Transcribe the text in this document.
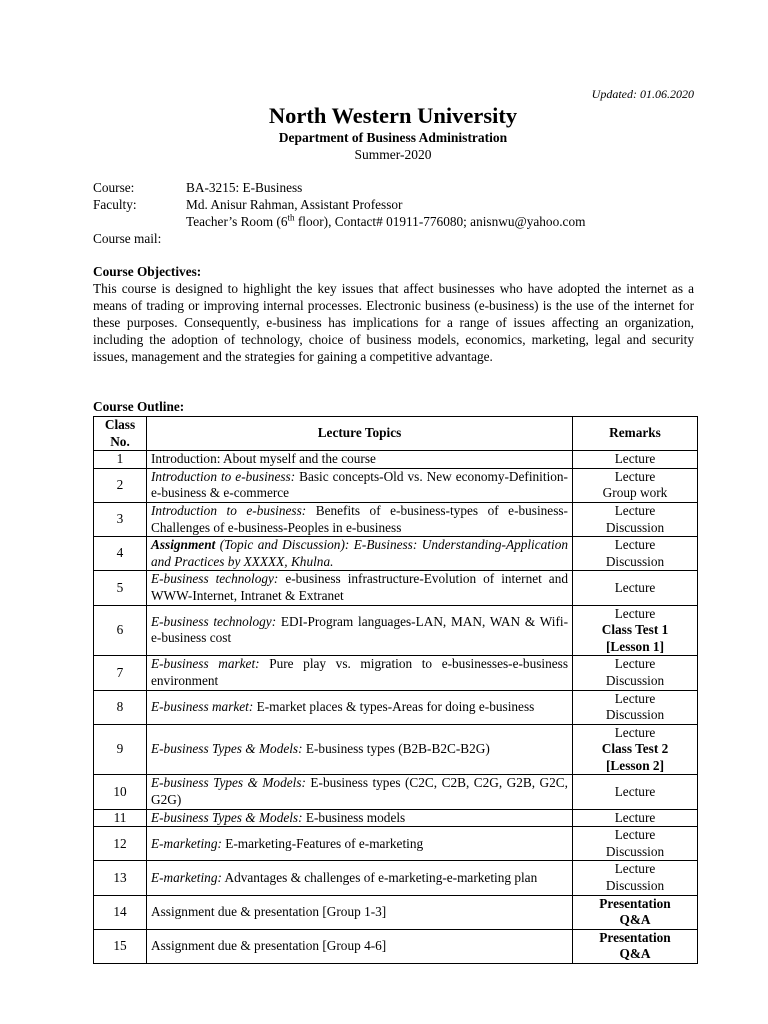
Updated: 01.06.2020
North Western University
Department of Business Administration
Summer-2020
Course:	BA-3215: E-Business
Faculty:	Md. Anisur Rahman, Assistant Professor
Teacher’s Room (6th floor), Contact# 01911-776080; anisnwu@yahoo.com
Course mail:
Course Objectives:
This course is designed to highlight the key issues that affect businesses who have adopted the internet as a means of trading or improving internal processes. Electronic business (e-business) is the use of the internet for these purposes. Consequently, e-business has implications for a range of issues affecting an organization, including the adoption of technology, choice of business models, economics, marketing, legal and security issues, management and the strategies for gaining a competitive advantage.
Course Outline:
Class No.	Lecture Topics	Remarks
1	Introduction: About myself and the course	Lecture

2	Introduction to e-business: Basic concepts-Old vs. New economy-Definition-e-business & e-commerce	Lecture
Group work

3	Introduction to e-business: Benefits of e-business-types of e-business-Challenges of e-business-Peoples in e-business	Lecture
Discussion

4	Assignment (Topic and Discussion): E-Business: Understanding-Application and Practices by XXXXX, Khulna.	Lecture
Discussion

5	E-business technology: e-business infrastructure-Evolution of internet and WWW-Internet, Intranet & Extranet	Lecture

6	E-business technology: EDI-Program languages-LAN, MAN, WAN & Wifi-e-business cost	Lecture
Class Test 1
[Lesson 1]

7	E-business market: Pure play vs. migration to e-businesses-e-business environment	Lecture
Discussion

8	E-business market: E-market places & types-Areas for doing e-business	Lecture
Discussion

9	E-business Types & Models: E-business types (B2B-B2C-B2G)	Lecture
Class Test 2
[Lesson 2]

10	E-business Types & Models: E-business types (C2C, C2B, C2G, G2B, G2C, G2G)	Lecture

11	E-business Types & Models: E-business models	Lecture

12	E-marketing: E-marketing-Features of e-marketing	Lecture
Discussion

13	E-marketing: Advantages & challenges of e-marketing-e-marketing plan	Lecture
Discussion

14	Assignment due & presentation [Group 1-3]	Presentation
Q&A

15	Assignment due & presentation [Group 4-6]	Presentation
Q&A
